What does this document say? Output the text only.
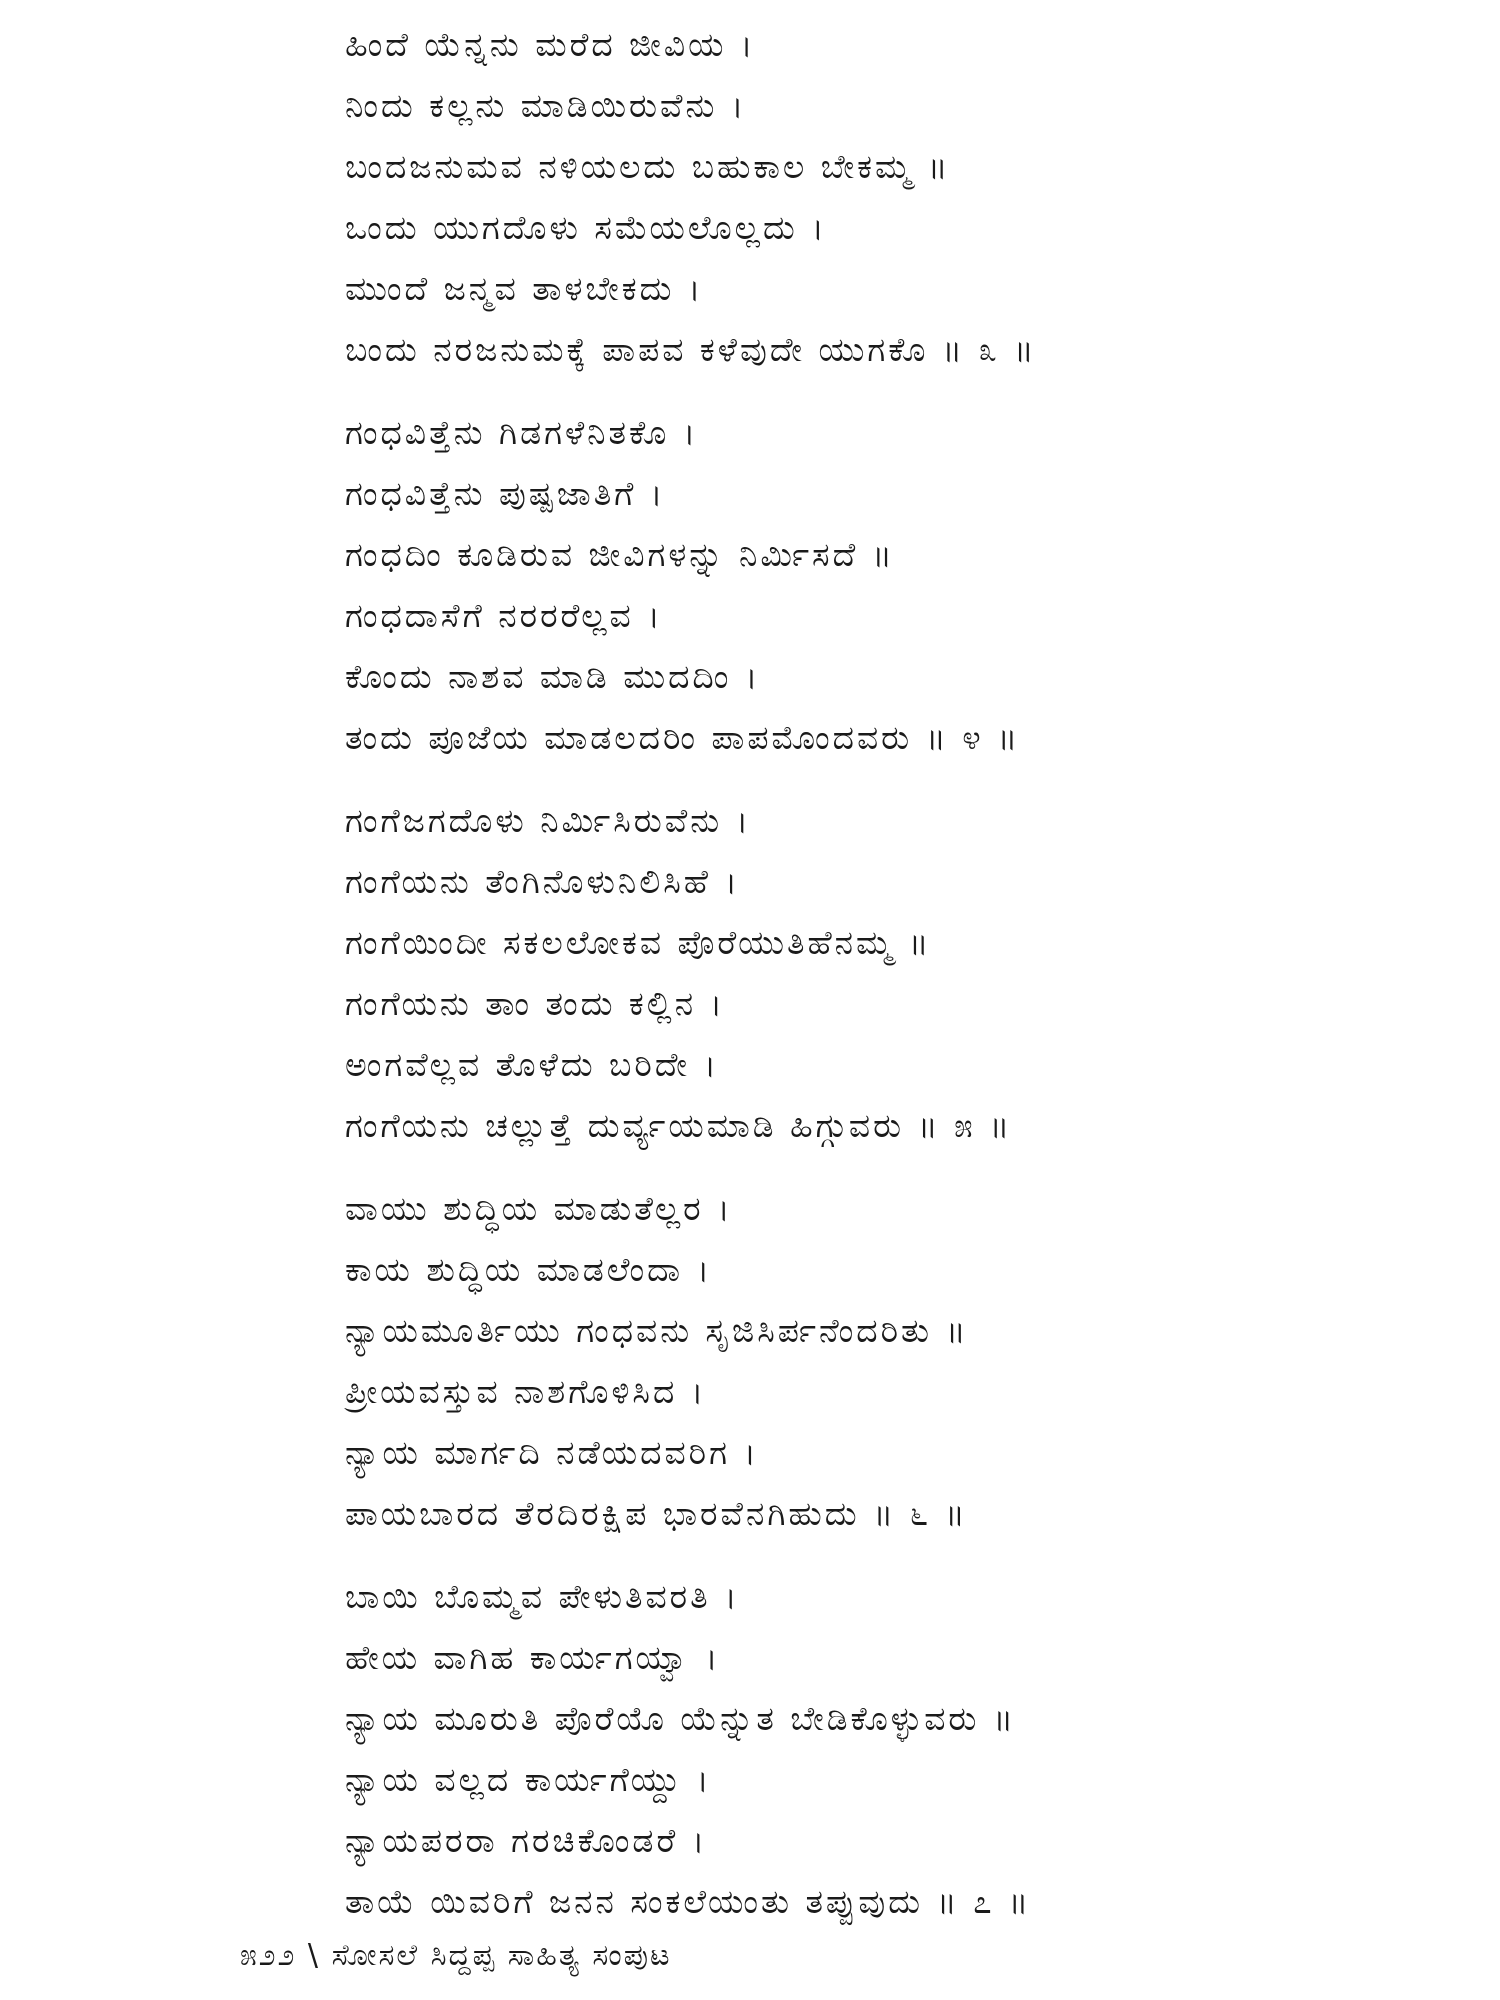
ಹಿಂದೆ ಯೆನ್ನನು ಮರೆದ ಜೀವಿಯ ।
ನಿಂದು ಕಲ್ಲನು ಮಾಡಿಯಿರುವೆನು ।
ಬಂದಜನುಮವ ನಳಿಯಲದು ಬಹುಕಾಲ ಬೇಕಮ್ಮ ॥
ಒಂದು ಯುಗದೊಳು ಸಮೆಯಲೊಲ್ಲದು ।
ಮುಂದೆ ಜನ್ಮವ ತಾಳಬೇಕದು ।
ಬಂದು ನರಜನುಮಕ್ಕೆ ಪಾಪವ ಕಳೆವುದೇ ಯುಗಕೊ ॥ ೩ ॥
ಗಂಧವಿತ್ತೆನು ಗಿಡಗಳೆನಿತಕೊ ।
ಗಂಧವಿತ್ತೆನು ಪುಷ್ಪಜಾತಿಗೆ ।
ಗಂಧದಿಂ ಕೂಡಿರುವ ಜೀವಿಗಳನ್ನು ನಿರ್ಮಿಸದೆ ॥
ಗಂಧದಾಸೆಗೆ ನರರರೆಲ್ಲವ ।
ಕೊಂದು ನಾಶವ ಮಾಡಿ ಮುದದಿಂ ।
ತಂದು ಪೂಜೆಯ ಮಾಡಲದರಿಂ ಪಾಪಮೊಂದವರು ॥ ೪ ॥
ಗಂಗೆಜಗದೊಳು ನಿರ್ಮಿಸಿರುವೆನು ।
ಗಂಗೆಯನು ತೆಂಗಿನೊಳುನಿಲಿಸಿಹೆ ।
ಗಂಗೆಯಿಂದೀ ಸಕಲಲೋಕವ ಪೊರೆಯುತಿಹೆನಮ್ಮ ॥
ಗಂಗೆಯನು ತಾಂ ತಂದು ಕಲ್ಲಿನ ।
ಅಂಗವೆಲ್ಲವ ತೊಳೆದು ಬರಿದೇ ।
ಗಂಗೆಯನು ಚಲ್ಲುತ್ತೆ ದುರ್ವ್ಯಯಮಾಡಿ ಹಿಗ್ಗುವರು ॥ ೫ ॥
ವಾಯು ಶುದ್ಧಿಯ ಮಾಡುತೆಲ್ಲರ ।
ಕಾಯ ಶುದ್ಧಿಯ ಮಾಡಲೆಂದಾ ।
ನ್ಯಾಯಮೂರ್ತಿಯು ಗಂಧವನು ಸೃಜಿಸಿರ್ಪನೆಂದರಿತು ॥
ಪ್ರೀಯವಸ್ತುವ ನಾಶಗೊಳಿಸಿದ ।
ನ್ಯಾಯ ಮಾರ್ಗದಿ ನಡೆಯದವರಿಗ ।
ಪಾಯಬಾರದ ತೆರದಿರಕ್ಷಿಪ ಭಾರವೆನಗಿಹುದು ॥ ೬ ॥
ಬಾಯಿ ಬೊಮ್ಮವ ಪೇಳುತಿವರತಿ ।
ಹೇಯ ವಾಗಿಹ ಕಾರ್ಯಗಯ್ವಾ ।
ನ್ಯಾಯ ಮೂರುತಿ ಪೊರೆಯೊ ಯೆನ್ನುತ ಬೇಡಿಕೊಳ್ಳುವರು ॥
ನ್ಯಾಯ ವಲ್ಲದ ಕಾರ್ಯಗೆಯ್ದು ।
ನ್ಯಾಯಪರರಾ ಗರಚಿಕೊಂಡರೆ ।
ತಾಯೆ ಯಿವರಿಗೆ ಜನನ ಸಂಕಲೆಯಂತು ತಪ್ಪುವುದು ॥ ೭ ॥
೫೨೨ \ ಸೋಸಲೆ ಸಿದ್ದಪ್ಪ ಸಾಹಿತ್ಯ ಸಂಪುಟ
